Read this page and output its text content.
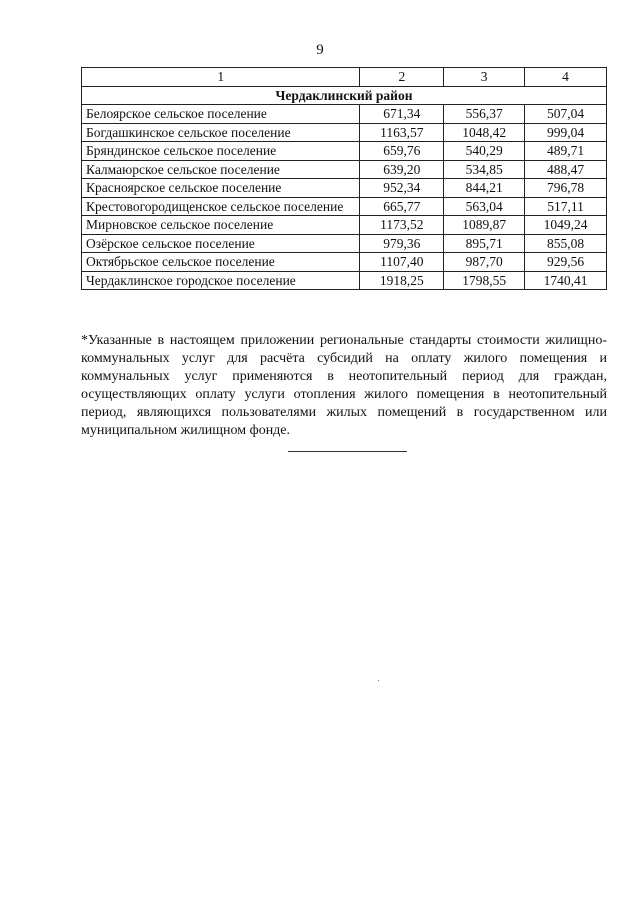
9
1	2	3	4
Чердаклинский район			
Белоярское сельское поселение	671,34	556,37	507,04
Богдашкинское сельское поселение	1163,57	1048,42	999,04
Бряндинское сельское поселение	659,76	540,29	489,71
Калмаюрское сельское поселение	639,20	534,85	488,47
Красноярское сельское поселение	952,34	844,21	796,78
Крестовогородищенское сельское поселение	665,77	563,04	517,11
Мирновское сельское поселение	1173,52	1089,87	1049,24
Озёрское сельское поселение	979,36	895,71	855,08
Октябрьское сельское поселение	1107,40	987,70	929,56
Чердаклинское городское поселение	1918,25	1798,55	1740,41

*Указанные в настоящем приложении региональные стандарты стоимости жилищно-коммунальных услуг для расчёта субсидий на оплату жилого помещения и коммунальных услуг применяются в неотопительный период для граждан, осуществляющих оплату услуги отопления жилого помещения в неотопительный период, являющихся пользователями жилых помещений в государственном или муниципальном жилищном фонде.
